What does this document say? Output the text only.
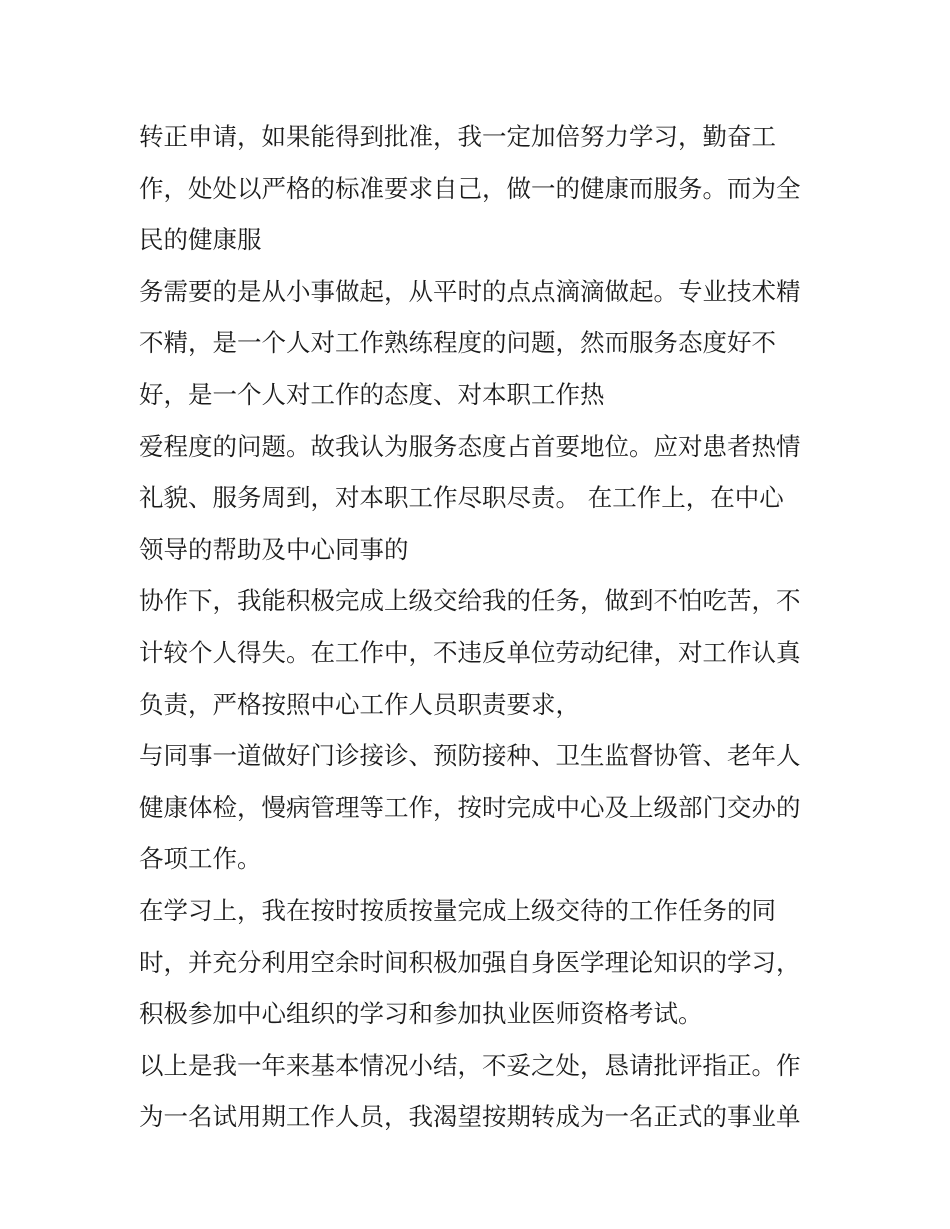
转正申请，如果能得到批准，我一定加倍努力学习，勤奋工

作，处处以严格的标准要求自己，做一的健康而服务。而为全

民的健康服

务需要的是从小事做起，从平时的点点滴滴做起。专业技术精

不精，是一个人对工作熟练程度的问题，然而服务态度好不

好，是一个人对工作的态度、对本职工作热

爱程度的问题。故我认为服务态度占首要地位。应对患者热情

礼貌、服务周到，对本职工作尽职尽责。 在工作上，在中心

领导的帮助及中心同事的

协作下，我能积极完成上级交给我的任务，做到不怕吃苦，不

计较个人得失。在工作中，不违反单位劳动纪律，对工作认真

负责，严格按照中心工作人员职责要求，

与同事一道做好门诊接诊、预防接种、卫生监督协管、老年人

健康体检，慢病管理等工作，按时完成中心及上级部门交办的

各项工作。

在学习上，我在按时按质按量完成上级交待的工作任务的同

时，并充分利用空余时间积极加强自身医学理论知识的学习，

积极参加中心组织的学习和参加执业医师资格考试。

以上是我一年来基本情况小结，不妥之处，恳请批评指正。作

为一名试用期工作人员，我渴望按期转成为一名正式的事业单
